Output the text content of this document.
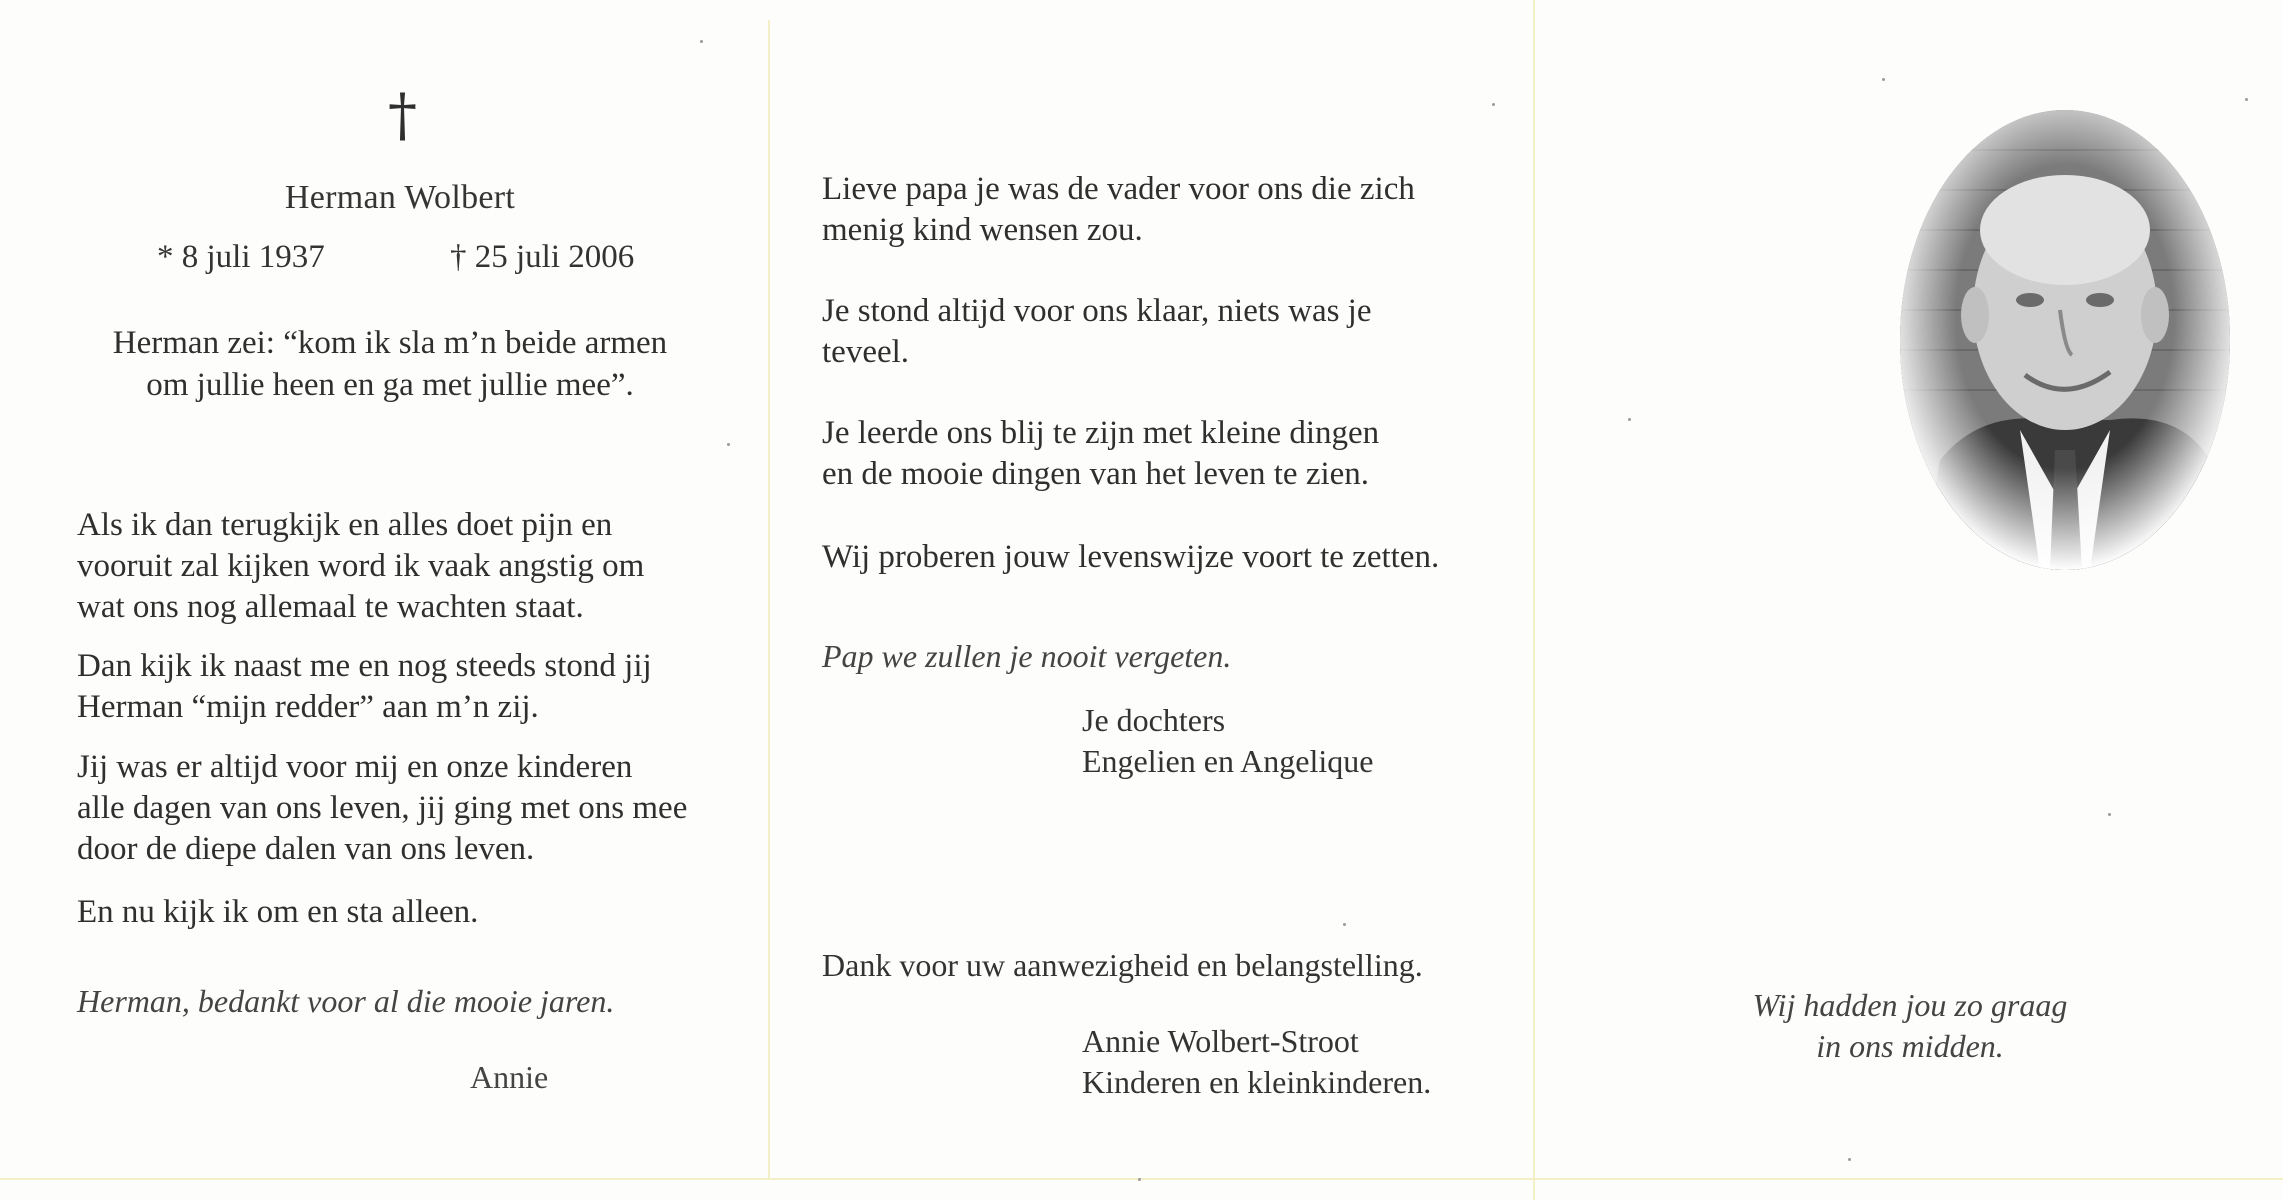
†
Herman Wolbert
* 8 juli 1937	† 25 juli 2006
Herman zei: “kom ik sla m’n beide armen
om jullie heen en ga met jullie mee”.

Als ik dan terugkijk en alles doet pijn en

vooruit zal kijken word ik vaak angstig om

wat ons nog allemaal te wachten staat.

Dan kijk ik naast me en nog steeds stond jij

Herman “mijn redder” aan m’n zij.

Jij was er altijd voor mij en onze kinderen

alle dagen van ons leven, jij ging met ons mee

door de diepe dalen van ons leven.

En nu kijk ik om en sta alleen.

Herman, bedankt voor al die mooie jaren.
Annie

Lieve papa je was de vader voor ons die zich

menig kind wensen zou.

Je stond altijd voor ons klaar, niets was je

teveel.

Je leerde ons blij te zijn met kleine dingen

en de mooie dingen van het leven te zien.

Wij proberen jouw levenswijze voort te zetten.

Pap we zullen je nooit vergeten.

Je dochters

Engelien en Angelique

Dank voor uw aanwezigheid en belangstelling.

Annie Wolbert-Stroot

Kinderen en kleinkinderen.

Wij hadden jou zo graag

in ons midden.
